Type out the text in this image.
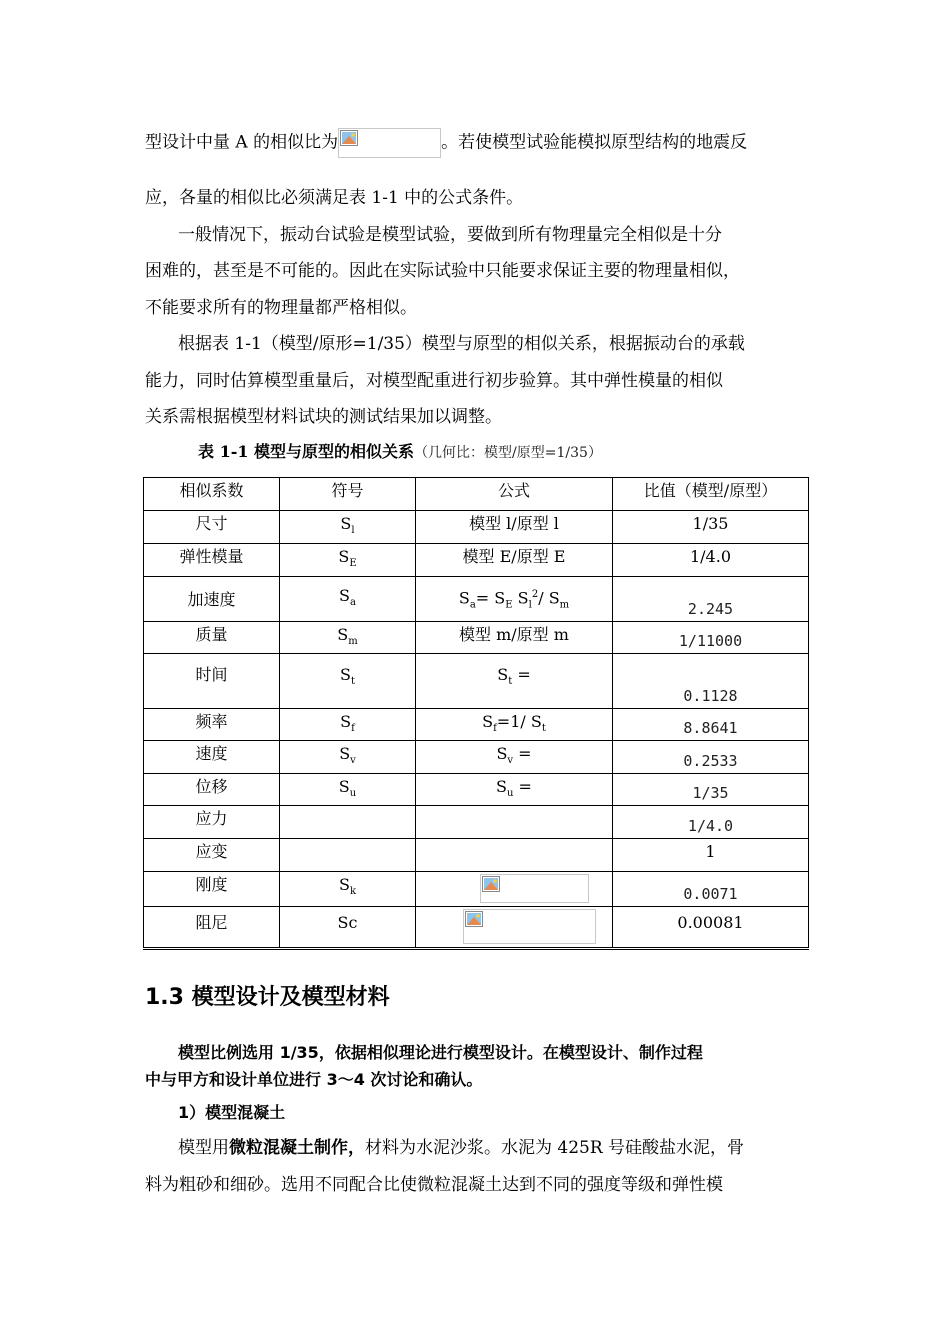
型设计中量 A 的相似比为	。若使模型试验能模拟原型结构的地震反
应，各量的相似比必须满足表 1-1 中的公式条件。
一般情况下，振动台试验是模型试验，要做到所有物理量完全相似是十分
困难的，甚至是不可能的。因此在实际试验中只能要求保证主要的物理量相似，
不能要求所有的物理量都严格相似。
根据表 1-1（模型/原形=1/35）模型与原型的相似关系，根据振动台的承载
能力，同时估算模型重量后，对模型配重进行初步验算。其中弹性模量的相似
关系需根据模型材料试块的测试结果加以调整。
表 1-1 模型与原型的相似关系（几何比：模型/原型=1/35）
相似系数	符号	公式	比值（模型/原型）
尺寸	$S_l$	模型 l/原型 l	1/35
弹性模量	$S_E$	模型 E/原型 E	1/4.0
加速度	$S_a$	$S_a= S_E$ $S_l^2/$ $S_m$	2.245
质量	$S_m$	模型 m/原型 m	1/11000
时间	$S_t$	$S_t$ =	0.1128
频率	$S_f$	$S_f=1/$ $S_t$	8.8641
速度	$S_v$	$S_v$ =	0.2533
位移	$S_u$	$S_u$ =	1/35
应力			1/4.0
应变			1
刚度	$S_k$		0.0071
阻尼	Sc		0.00081
1.3 模型设计及模型材料
模型比例选用 1/35，依据相似理论进行模型设计。在模型设计、制作过程
中与甲方和设计单位进行 3～4 次讨论和确认。
1）模型混凝土
模型用微粒混凝土制作，材料为水泥沙浆。水泥为 425R 号硅酸盐水泥，骨
料为粗砂和细砂。选用不同配合比使微粒混凝土达到不同的强度等级和弹性模
